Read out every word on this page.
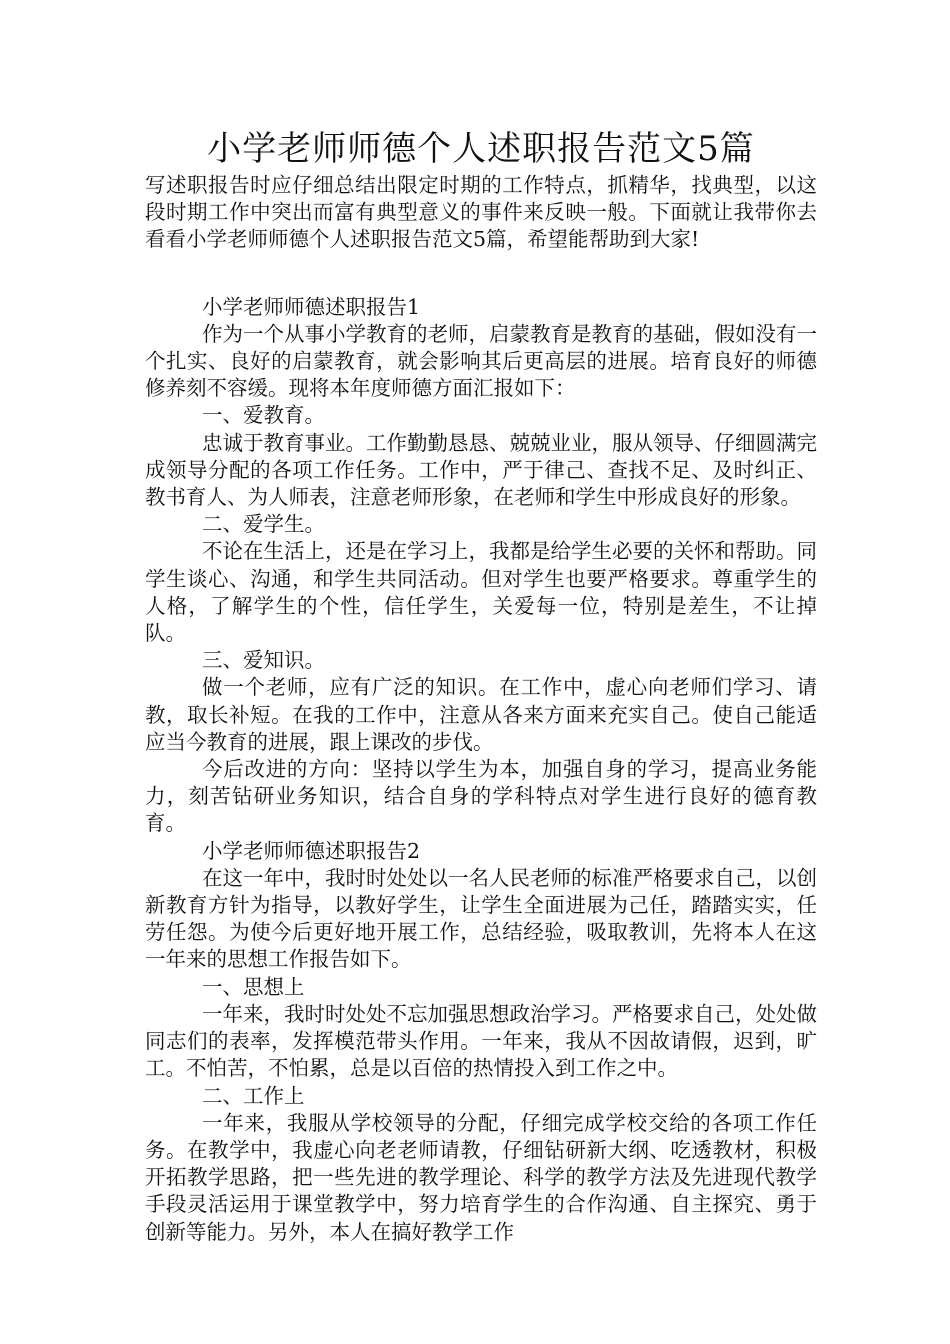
小学老师师德个人述职报告范文5篇

写述职报告时应仔细总结出限定时期的工作特点，抓精华，找典型，以这段时期工作中突出而富有典型意义的事件来反映一般。下面就让我带你去看看小学老师师德个人述职报告范文5篇，希望能帮助到大家!

小学老师师德述职报告1

作为一个从事小学教育的老师，启蒙教育是教育的基础，假如没有一个扎实、良好的启蒙教育，就会影响其后更高层的进展。培育良好的师德修养刻不容缓。现将本年度师德方面汇报如下：

一、爱教育。

忠诚于教育事业。工作勤勤恳恳、兢兢业业，服从领导、仔细圆满完成领导分配的各项工作任务。工作中，严于律己、查找不足、及时纠正、教书育人、为人师表，注意老师形象，在老师和学生中形成良好的形象。

二、爱学生。

不论在生活上，还是在学习上，我都是给学生必要的关怀和帮助。同学生谈心、沟通，和学生共同活动。但对学生也要严格要求。尊重学生的人格，了解学生的个性，信任学生，关爱每一位，特别是差生，不让掉队。

三、爱知识。

做一个老师，应有广泛的知识。在工作中，虚心向老师们学习、请教，取长补短。在我的工作中，注意从各来方面来充实自己。使自己能适应当今教育的进展，跟上课改的步伐。

今后改进的方向：坚持以学生为本，加强自身的学习，提高业务能力，刻苦钻研业务知识，结合自身的学科特点对学生进行良好的德育教育。

小学老师师德述职报告2

在这一年中，我时时处处以一名人民老师的标准严格要求自己，以创新教育方针为指导，以教好学生，让学生全面进展为己任，踏踏实实，任劳任怨。为使今后更好地开展工作，总结经验，吸取教训，先将本人在这一年来的思想工作报告如下。

一、思想上

一年来，我时时处处不忘加强思想政治学习。严格要求自己，处处做同志们的表率，发挥模范带头作用。一年来，我从不因故请假，迟到，旷工。不怕苦，不怕累，总是以百倍的热情投入到工作之中。

二、工作上

一年来，我服从学校领导的分配，仔细完成学校交给的各项工作任务。在教学中，我虚心向老老师请教，仔细钻研新大纲、吃透教材，积极开拓教学思路，把一些先进的教学理论、科学的教学方法及先进现代教学手段灵活运用于课堂教学中，努力培育学生的合作沟通、自主探究、勇于创新等能力。另外，本人在搞好教学工作
